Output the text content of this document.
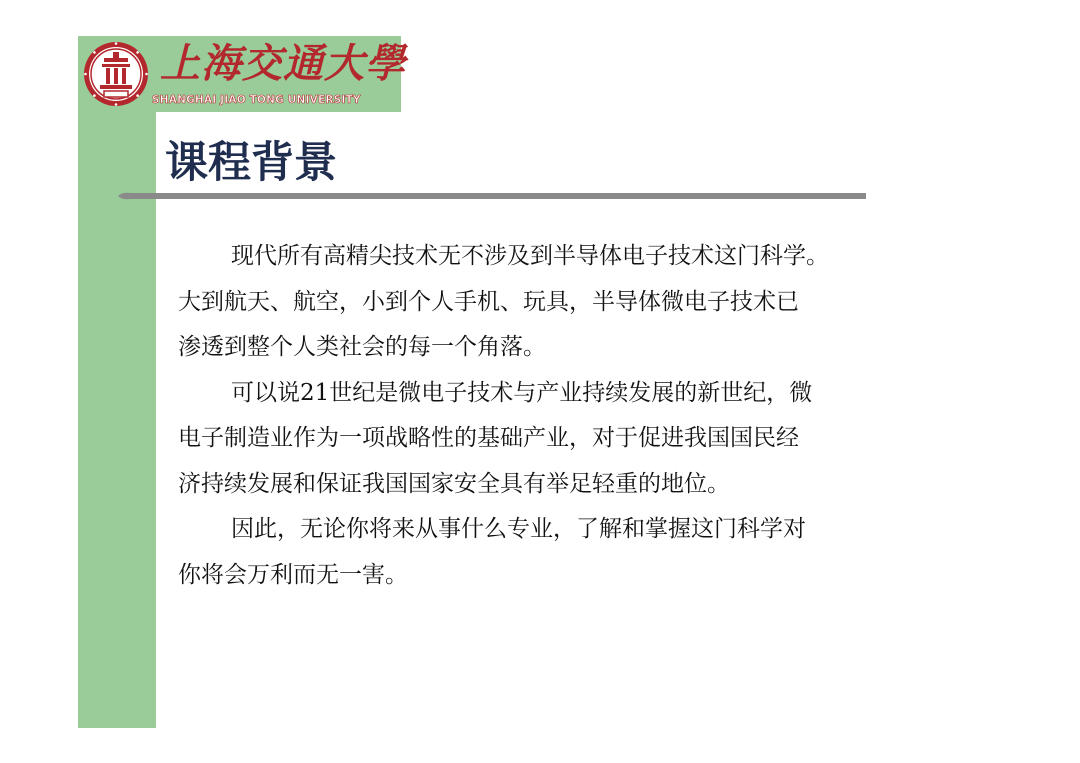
上海交通大學
SHANGHAI JIAO TONG UNIVERSITY
课程背景

现代所有高精尖技术无不涉及到半导体电子技术这门科学。
大到航天、航空，小到个人手机、玩具，半导体微电子技术已
渗透到整个人类社会的每一个角落。

可以说21世纪是微电子技术与产业持续发展的新世纪，微
电子制造业作为一项战略性的基础产业，对于促进我国国民经
济持续发展和保证我国国家安全具有举足轻重的地位。

因此，无论你将来从事什么专业，了解和掌握这门科学对
你将会万利而无一害。
